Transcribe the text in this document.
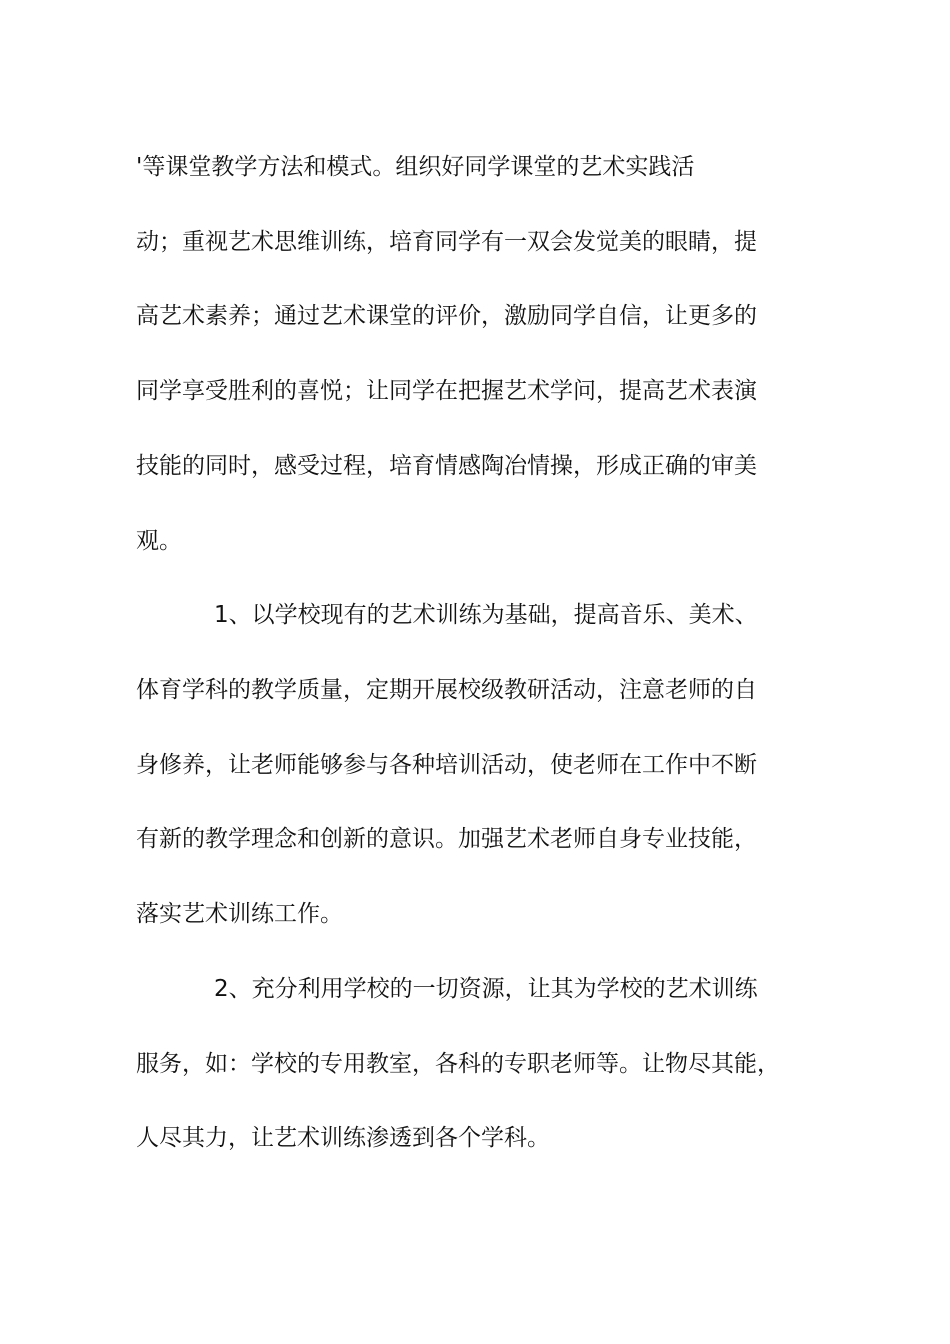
'等课堂教学方法和模式。组织好同学课堂的艺术实践活
动；重视艺术思维训练，培育同学有一双会发觉美的眼睛，提
高艺术素养；通过艺术课堂的评价，激励同学自信，让更多的
同学享受胜利的喜悦；让同学在把握艺术学问，提高艺术表演
技能的同时，感受过程，培育情感陶冶情操，形成正确的审美
观。
1、以学校现有的艺术训练为基础，提高音乐、美术、
体育学科的教学质量，定期开展校级教研活动，注意老师的自
身修养，让老师能够参与各种培训活动，使老师在工作中不断
有新的教学理念和创新的意识。加强艺术老师自身专业技能，
落实艺术训练工作。
2、充分利用学校的一切资源，让其为学校的艺术训练
服务，如：学校的专用教室，各科的专职老师等。让物尽其能，
人尽其力，让艺术训练渗透到各个学科。
